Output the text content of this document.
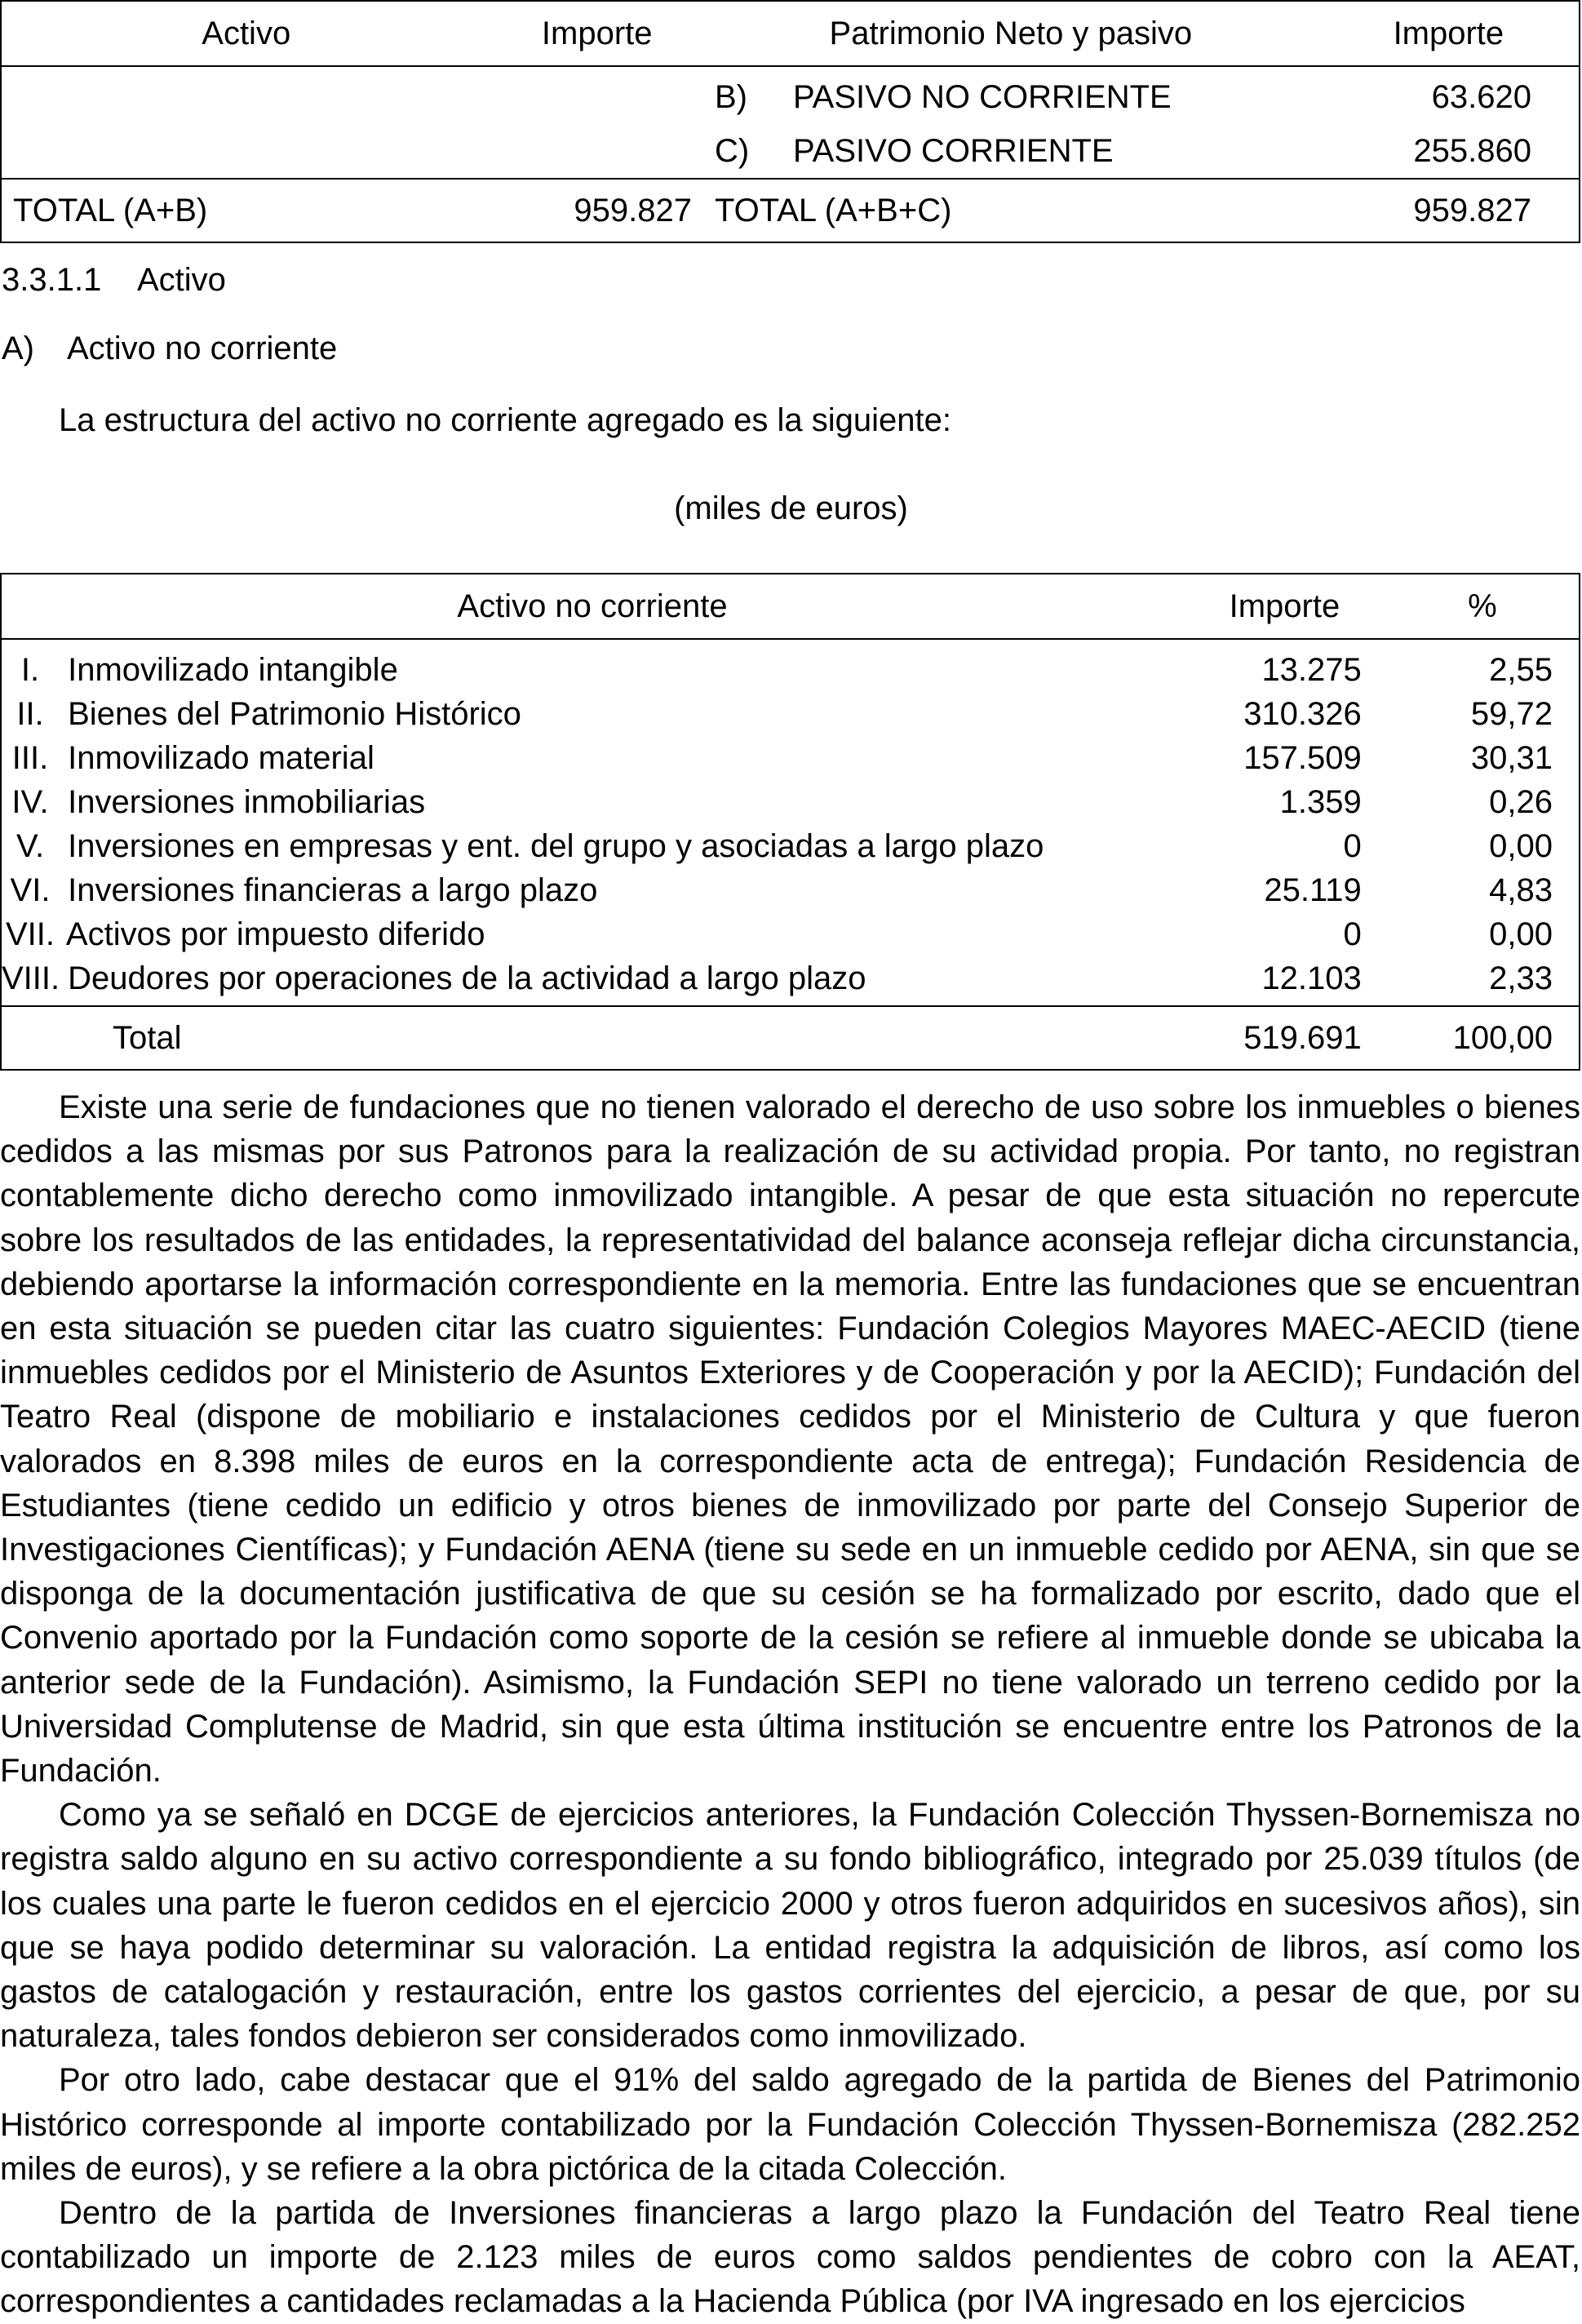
Activo	Importe	Patrimonio Neto y pasivo	Importe
		B) PASIVO NO CORRIENTE	63.620
		C) PASIVO CORRIENTE	255.860
TOTAL (A+B)	959.827	TOTAL (A+B+C)	959.827
3.3.1.1 Activo
A) Activo no corriente
La estructura del activo no corriente agregado es la siguiente:
(miles de euros)
Activo no corriente	Importe	%
I. Inmovilizado intangible	13.275	2,55
II. Bienes del Patrimonio Histórico	310.326	59,72
III. Inmovilizado material	157.509	30,31
IV. Inversiones inmobiliarias	1.359	0,26
V. Inversiones en empresas y ent. del grupo y asociadas a largo plazo	0	0,00
VI. Inversiones financieras a largo plazo	25.119	4,83
VII. Activos por impuesto diferido	0	0,00
VIII. Deudores por operaciones de la actividad a largo plazo	12.103	2,33
Total	519.691	100,00

Existe una serie de fundaciones que no tienen valorado el derecho de uso sobre los inmuebles o bienes cedidos a las mismas por sus Patronos para la realización de su actividad propia. Por tanto, no registran contablemente dicho derecho como inmovilizado intangible. A pesar de que esta situación no repercute sobre los resultados de las entidades, la representatividad del balance aconseja reflejar dicha circunstancia, debiendo aportarse la información correspondiente en la memoria. Entre las fundaciones que se encuentran en esta situación se pueden citar las cuatro siguientes: Fundación Colegios Mayores MAEC-AECID (tiene inmuebles cedidos por el Ministerio de Asuntos Exteriores y de Cooperación y por la AECID); Fundación del Teatro Real (dispone de mobiliario e instalaciones cedidos por el Ministerio de Cultura y que fueron valorados en 8.398 miles de euros en la correspondiente acta de entrega); Fundación Residencia de Estudiantes (tiene cedido un edificio y otros bienes de inmovilizado por parte del Consejo Superior de Investigaciones Científicas); y Fundación AENA (tiene su sede en un inmueble cedido por AENA, sin que se disponga de la documentación justificativa de que su cesión se ha formalizado por escrito, dado que el Convenio aportado por la Fundación como soporte de la cesión se refiere al inmueble donde se ubicaba la anterior sede de la Fundación). Asimismo, la Fundación SEPI no tiene valorado un terreno cedido por la Universidad Complutense de Madrid, sin que esta última institución se encuentre entre los Patronos de la Fundación.

Como ya se señaló en DCGE de ejercicios anteriores, la Fundación Colección Thyssen-Bornemisza no registra saldo alguno en su activo correspondiente a su fondo bibliográfico, integrado por 25.039 títulos (de los cuales una parte le fueron cedidos en el ejercicio 2000 y otros fueron adquiridos en sucesivos años), sin que se haya podido determinar su valoración. La entidad registra la adquisición de libros, así como los gastos de catalogación y restauración, entre los gastos corrientes del ejercicio, a pesar de que, por su naturaleza, tales fondos debieron ser considerados como inmovilizado.

Por otro lado, cabe destacar que el 91% del saldo agregado de la partida de Bienes del Patrimonio Histórico corresponde al importe contabilizado por la Fundación Colección Thyssen-Bornemisza (282.252 miles de euros), y se refiere a la obra pictórica de la citada Colección.

Dentro de la partida de Inversiones financieras a largo plazo la Fundación del Teatro Real tiene contabilizado un importe de 2.123 miles de euros como saldos pendientes de cobro con la AEAT, correspondientes a cantidades reclamadas a la Hacienda Pública (por IVA ingresado en los ejercicios
